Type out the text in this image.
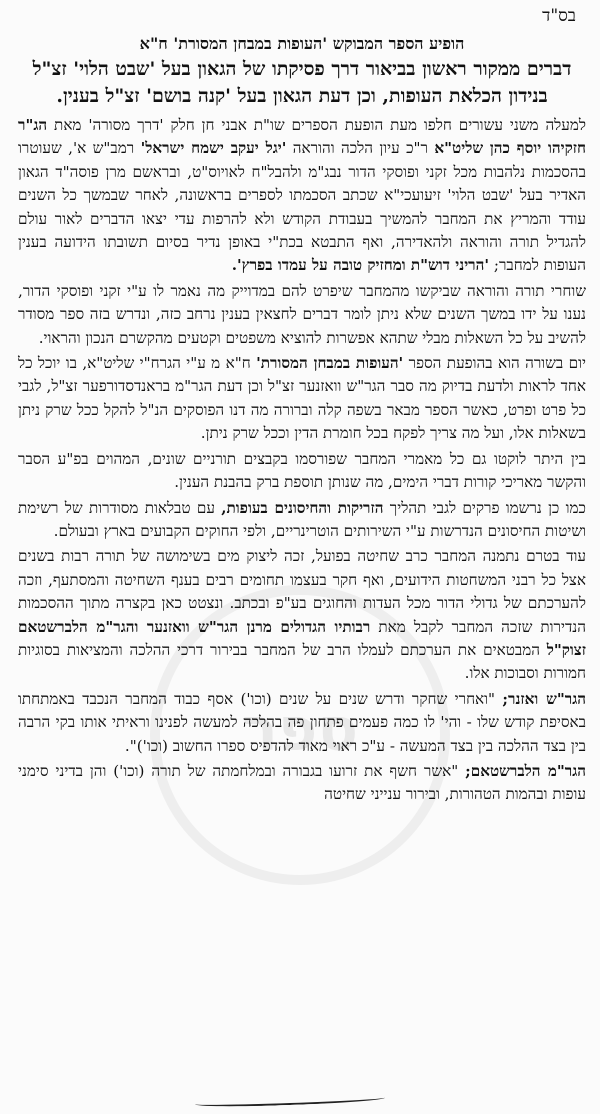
ספר
בס"ד
הופיע הספר המבוקש 'העופות במבחן המסורת' ח"א
דברים ממקור ראשון בביאור דרך פסיקתו של הגאון בעל 'שבט הלוי' זצ"ל בנידון הכלאת העופות, וכן דעת הגאון בעל 'קנה בושם' זצ"ל בענין.
למעלה משני עשורים חלפו מעת הופעת הספרים שו"ת אבני חן חלק 'דרך מסורה' מאת הג"ר חזקיהו יוסף כהן שליט"א ר"כ עיון הלכה והוראה 'יגל יעקב ישמח ישראל' רמב"ש א', שעוטרו בהסכמות נלהבות מכל זקני ופוסקי הדור נבג"מ ולהבל"ח לאויוס"ט, ובראשם מרן פוסה"ד הגאון האדיר בעל 'שבט הלוי' זיעועכי"א שכתב הסכמתו לספרים בראשונה, לאחר שבמשך כל השנים עודד והמריץ את המחבר להמשיך בעבודת הקודש ולא להרפות עדי יצאו הדברים לאור עולם להגדיל תורה והוראה ולהאדירה, ואף התבטא בכת"י באופן נדיר בסיום תשובתו הידועה בענין העופות למחבר; 'הריני דוש"ת ומחזיק טובה על עמדו בפרץ'.
שוחרי תורה והוראה שביקשו מהמחבר שיפרט להם במדוייק מה נאמר לו ע"י זקני ופוסקי הדור, נענו על ידו במשך השנים שלא ניתן לומר דברים לחצאין בענין נרחב כזה, ונדרש בזה ספר מסודר להשיב על כל השאלות מבלי שתהא אפשרות להוציא משפטים וקטעים מהקשרם הנכון והראוי.
יום בשורה הוא בהופעת הספר 'העופות במבחן המסורת' ח"א מ ע"י הגרח"י שליט"א, בו יוכל כל אחד לראות ולדעת בדיוק מה סבר הגר"ש וואזנער זצ"ל וכן דעת הגר"מ בראנדסדורפער זצ"ל, לגבי כל פרט ופרט, כאשר הספר מבאר בשפה קלה וברורה מה דנו הפוסקים הנ"ל להקל ככל שרק ניתן בשאלות אלו, ועל מה צריך לפקח בכל חומרת הדין וככל שרק ניתן.
בין היתר לוקטו גם כל מאמרי המחבר שפורסמו בקבצים תורניים שונים, המהוים בפ"ע הסבר והקשר מאריכי קורות דברי הימים, מה שנותן תוספת ברק בהבנת הענין.
כמו כן נרשמו פרקים לגבי תהליך הזריקות והחיסונים בעופות, עם טבלאות מסודרות של רשימת ושיטות החיסונים הנדרשות ע"י השירותים הוטרינריים, ולפי החוקים הקבועים בארץ ובעולם.
עוד בטרם נתמנה המחבר כרב שחיטה בפועל, זכה ליצוק מים בשימושה של תורה רבות בשנים אצל כל רבני המשחטות הידועים, ואף חקר בעצמו תחומים רבים בענף השחיטה והמסתעף, וזכה להערכתם של גדולי הדור מכל העדות והחוגים בע"פ ובכתב. ונצטט כאן בקצרה מתוך ההסכמות הנדירות שזכה המחבר לקבל מאת רבותיו הגדולים מרנן הגר"ש וואזנער והגר"מ הלברשטאם זצוק"ל המבטאים את הערכתם לעמלו הרב של המחבר בבירור דרכי ההלכה והמציאות בסוגיות חמורות וסבוכות אלו.
הגר"ש ואזנר; "ואחרי שחקר ודרש שנים על שנים (וכו') אסף כבוד המחבר הנכבד באמתחתו באסיפת קודש שלו - והי' לו כמה פעמים פתחון פה בהלכה למעשה לפנינו וראיתי אותו בקי הרבה בין בצד ההלכה בין בצד המעשה - ע"כ ראוי מאוד להדפיס ספרו החשוב (וכו')".
הגר"מ הלברשטאם; "אשר חשף את זרועו בגבורה ובמלחמתה של תורה (וכו') והן בדיני סימני עופות ובהמות הטהורות, ובירור ענייני שחיטה
